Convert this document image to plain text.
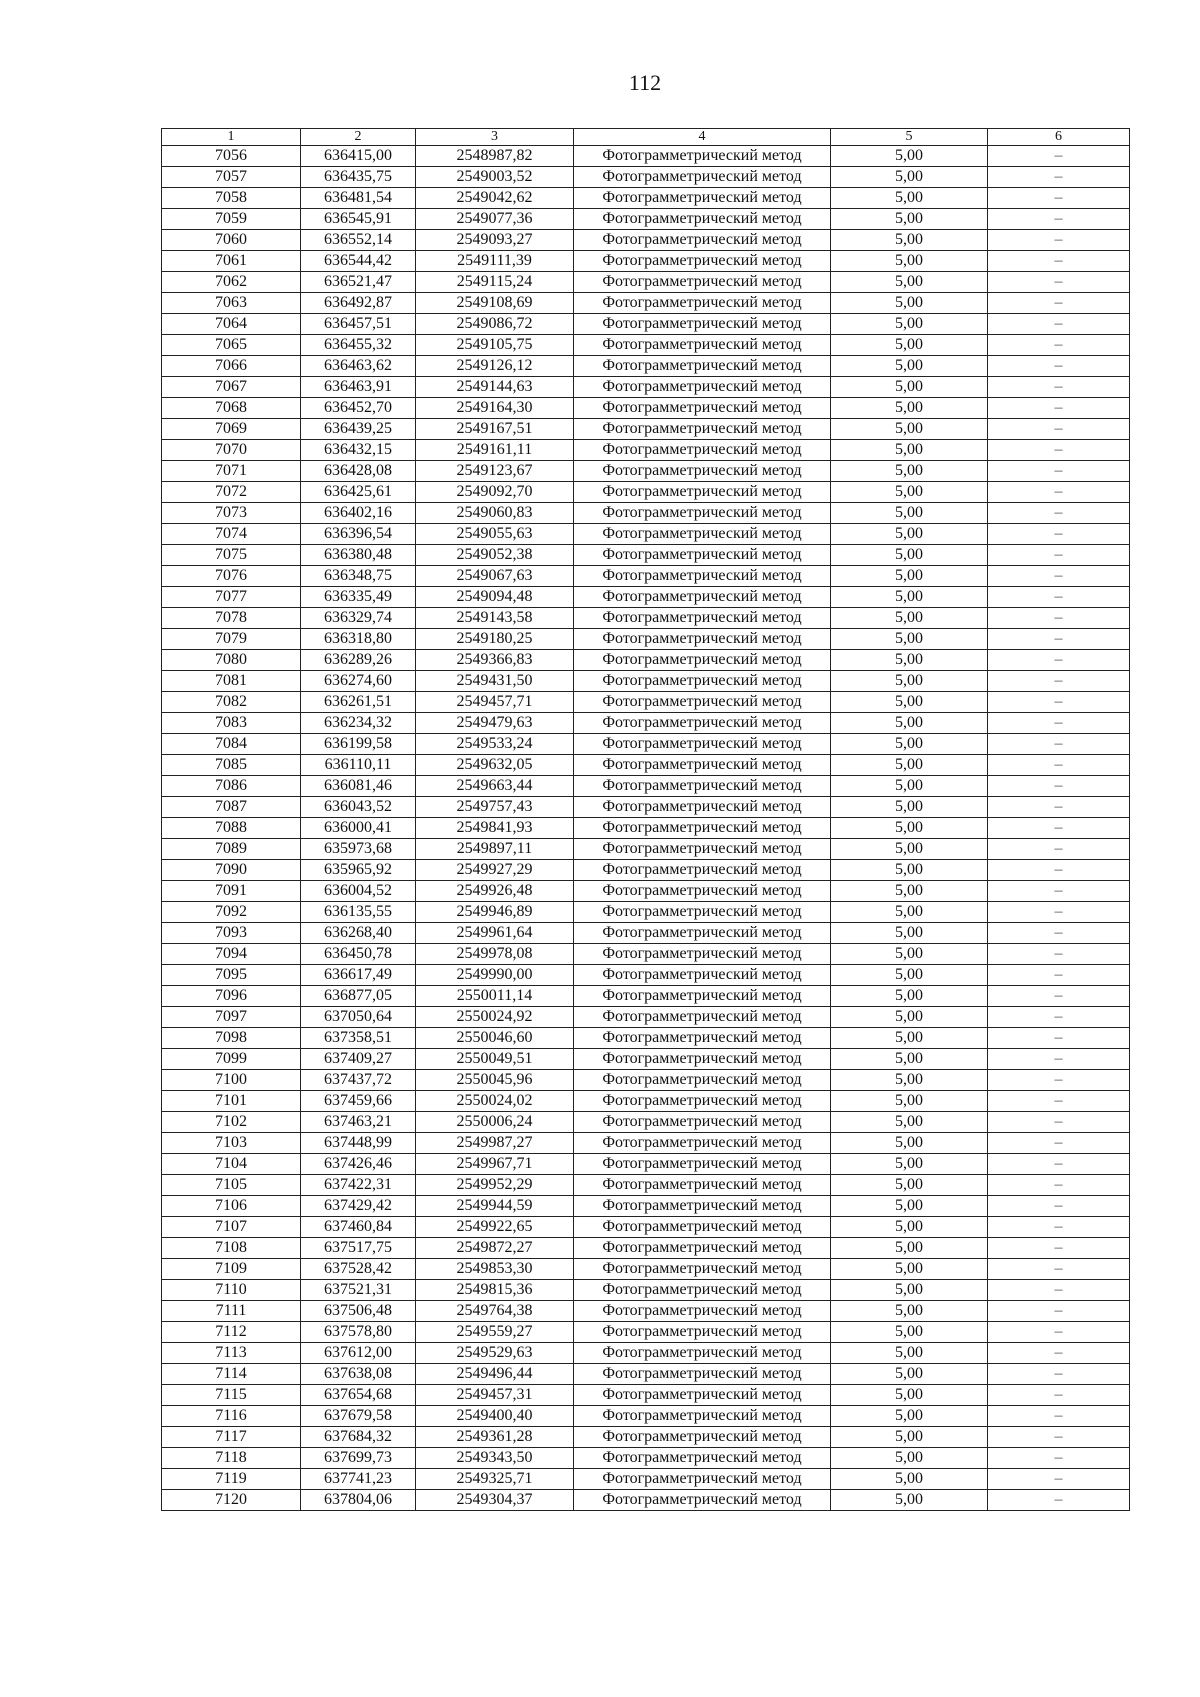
112
1	2	3	4	5	6
7056	636415,00	2548987,82	Фотограмметрический метод	5,00	–
7057	636435,75	2549003,52	Фотограмметрический метод	5,00	–
7058	636481,54	2549042,62	Фотограмметрический метод	5,00	–
7059	636545,91	2549077,36	Фотограмметрический метод	5,00	–
7060	636552,14	2549093,27	Фотограмметрический метод	5,00	–
7061	636544,42	2549111,39	Фотограмметрический метод	5,00	–
7062	636521,47	2549115,24	Фотограмметрический метод	5,00	–
7063	636492,87	2549108,69	Фотограмметрический метод	5,00	–
7064	636457,51	2549086,72	Фотограмметрический метод	5,00	–
7065	636455,32	2549105,75	Фотограмметрический метод	5,00	–
7066	636463,62	2549126,12	Фотограмметрический метод	5,00	–
7067	636463,91	2549144,63	Фотограмметрический метод	5,00	–
7068	636452,70	2549164,30	Фотограмметрический метод	5,00	–
7069	636439,25	2549167,51	Фотограмметрический метод	5,00	–
7070	636432,15	2549161,11	Фотограмметрический метод	5,00	–
7071	636428,08	2549123,67	Фотограмметрический метод	5,00	–
7072	636425,61	2549092,70	Фотограмметрический метод	5,00	–
7073	636402,16	2549060,83	Фотограмметрический метод	5,00	–
7074	636396,54	2549055,63	Фотограмметрический метод	5,00	–
7075	636380,48	2549052,38	Фотограмметрический метод	5,00	–
7076	636348,75	2549067,63	Фотограмметрический метод	5,00	–
7077	636335,49	2549094,48	Фотограмметрический метод	5,00	–
7078	636329,74	2549143,58	Фотограмметрический метод	5,00	–
7079	636318,80	2549180,25	Фотограмметрический метод	5,00	–
7080	636289,26	2549366,83	Фотограмметрический метод	5,00	–
7081	636274,60	2549431,50	Фотограмметрический метод	5,00	–
7082	636261,51	2549457,71	Фотограмметрический метод	5,00	–
7083	636234,32	2549479,63	Фотограмметрический метод	5,00	–
7084	636199,58	2549533,24	Фотограмметрический метод	5,00	–
7085	636110,11	2549632,05	Фотограмметрический метод	5,00	–
7086	636081,46	2549663,44	Фотограмметрический метод	5,00	–
7087	636043,52	2549757,43	Фотограмметрический метод	5,00	–
7088	636000,41	2549841,93	Фотограмметрический метод	5,00	–
7089	635973,68	2549897,11	Фотограмметрический метод	5,00	–
7090	635965,92	2549927,29	Фотограмметрический метод	5,00	–
7091	636004,52	2549926,48	Фотограмметрический метод	5,00	–
7092	636135,55	2549946,89	Фотограмметрический метод	5,00	–
7093	636268,40	2549961,64	Фотограмметрический метод	5,00	–
7094	636450,78	2549978,08	Фотограмметрический метод	5,00	–
7095	636617,49	2549990,00	Фотограмметрический метод	5,00	–
7096	636877,05	2550011,14	Фотограмметрический метод	5,00	–
7097	637050,64	2550024,92	Фотограмметрический метод	5,00	–
7098	637358,51	2550046,60	Фотограмметрический метод	5,00	–
7099	637409,27	2550049,51	Фотограмметрический метод	5,00	–
7100	637437,72	2550045,96	Фотограмметрический метод	5,00	–
7101	637459,66	2550024,02	Фотограмметрический метод	5,00	–
7102	637463,21	2550006,24	Фотограмметрический метод	5,00	–
7103	637448,99	2549987,27	Фотограмметрический метод	5,00	–
7104	637426,46	2549967,71	Фотограмметрический метод	5,00	–
7105	637422,31	2549952,29	Фотограмметрический метод	5,00	–
7106	637429,42	2549944,59	Фотограмметрический метод	5,00	–
7107	637460,84	2549922,65	Фотограмметрический метод	5,00	–
7108	637517,75	2549872,27	Фотограмметрический метод	5,00	–
7109	637528,42	2549853,30	Фотограмметрический метод	5,00	–
7110	637521,31	2549815,36	Фотограмметрический метод	5,00	–
7111	637506,48	2549764,38	Фотограмметрический метод	5,00	–
7112	637578,80	2549559,27	Фотограмметрический метод	5,00	–
7113	637612,00	2549529,63	Фотограмметрический метод	5,00	–
7114	637638,08	2549496,44	Фотограмметрический метод	5,00	–
7115	637654,68	2549457,31	Фотограмметрический метод	5,00	–
7116	637679,58	2549400,40	Фотограмметрический метод	5,00	–
7117	637684,32	2549361,28	Фотограмметрический метод	5,00	–
7118	637699,73	2549343,50	Фотограмметрический метод	5,00	–
7119	637741,23	2549325,71	Фотограмметрический метод	5,00	–
7120	637804,06	2549304,37	Фотограмметрический метод	5,00	–
